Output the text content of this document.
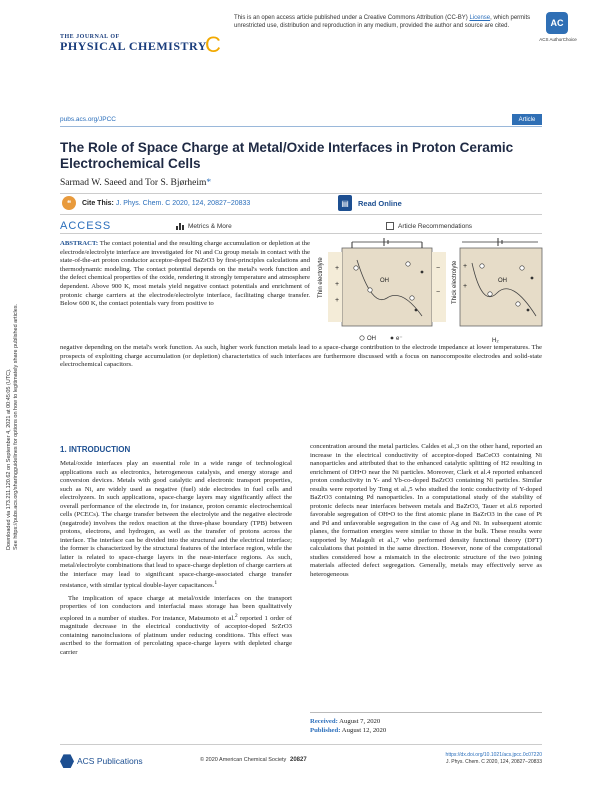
This is an open access article published under a Creative Commons Attribution (CC-BY) License, which permits unrestricted use, distribution and reproduction in any medium, provided the author and source are cited.	AC
ACS AuthorChoice
THE JOURNAL OF
PHYSICAL CHEMISTRY
C
pubs.acs.org/JPCC	Article
The Role of Space Charge at Metal/Oxide Interfaces in Proton Ceramic Electrochemical Cells
Sarmad W. Saeed and Tor S. Bjørheim*
❝	Cite This: J. Phys. Chem. C 2020, 124, 20827−20833	▤	Read Online
ACCESS	Metrics & More	Article Recommendations
ABSTRACT: The contact potential and the resulting charge accumulation or depletion at the electrode/electrolyte interface are investigated for Ni and Cu group metals in contact with the state-of-the-art proton conductor acceptor-doped BaZrO3 by first-principles calculations and thermodynamic modeling. The contact potential depends on the metal's work function and the defect chemical properties of the oxide, rendering it strongly temperature and atmosphere dependent. Above 900 K, most metals yield negative contact potentials and enrichment of protonic charge carriers at the electrode/electrolyte interface, facilitating charge transfer. Below 600 K, the contact potentials vary from positive to
Thin electrolyte	Thick electrolyte
+
+
+
−
−
+
+
OH	OH
OH	e⁻	H₂
negative depending on the metal's work function. As such, higher work function metals lead to a space-charge contribution to the electrode impedance at lower temperatures. The prospects of exploiting charge accumulation (or depletion) characteristics of such interfaces are furthermore discussed with a focus on nanocomposite electrodes and solid-state electrochemical capacitors.
Downloaded via 173.211.120.62 on September 4, 2021 at 00:45:05 (UTC). See https://pubs.acs.org/sharingguidelines for options on how to legitimately share published articles.	1. INTRODUCTION

Metal/oxide interfaces play an essential role in a wide range of technological applications such as electronics, heterogeneous catalysis, and energy storage and conversion devices. Metals with good catalytic and electronic transport properties, such as Ni, are widely used as negative (fuel) side electrodes in fuel cells and electrolyzers. In such applications, space-charge layers may significantly affect the overall performance of the electrode in, for instance, proton ceramic electrochemical cells (PCECs). The charge transfer between the electrolyte and the negative electrode (negatrode) involves the redox reaction at the three-phase boundary (TPB) between protons, electrons, and hydrogen, as well as the transfer of protons across the interface. The interface can be divided into the structural and the electrical interface; the former is characterized by the structural features of the interface region, while the latter is related to space-charge layers in the near-interface regions. As such, metal/electrolyte combinations that lead to space-charge depletion of charge carriers at the interface may lead to significant space-charge-associated charge transfer resistance, with similar typical double-layer capacitances.$^1$

The implication of space charge at metal/oxide interfaces on the transport properties of ion conductors and interfacial mass storage has been qualitatively explored in a number of studies. For instance, Matsumoto et al.$^2$ reported 1 order of magnitude decrease in the electrical conductivity of acceptor-doped SrZrO3 containing nanoinclusions of platinum under reducing conditions. This effect was ascribed to the formation of percolating space-charge layers with depleted charge carrier

concentration around the metal particles. Caldes et al.,3 on the other hand, reported an increase in the electrical conductivity of acceptor-doped BaCeO3 containing Ni nanoparticles and attributed that to the enhanced catalytic splitting of H2 resulting in enrichment of OH•O near the Ni particles. Moreover, Clark et al.4 reported enhanced proton conductivity in Y- and Yb-co-doped BaZrO3 containing Ni particles. Similar results were reported by Tong et al.,5 who studied the ionic conductivity of Y-doped BaZrO3 containing Pd nanoparticles. In a computational study of the stability of protonic defects near interfaces between metals and BaZrO3, Tauer et al.6 reported favorable segregation of OH•O to the first atomic plane in BaZrO3 in the case of Pt and Pd and unfavorable segregation in the case of Ag and Ni. In subsequent atomic planes, the formation energies were similar to those in the bulk. These results were supported by Malagoli et al.,7 who performed density functional theory (DFT) calculations that pointed in the same direction. However, none of the computational studies considered how a mismatch in the electronic structure of the two joining materials affected defect segregation. Generally, metals may effectively serve as heterogeneous
Received: August 7, 2020
Published: August 12, 2020
ACS Publications	© 2020 American Chemical Society 20827
https://dx.doi.org/10.1021/acs.jpcc.0c07220
J. Phys. Chem. C 2020, 124, 20827−20833
